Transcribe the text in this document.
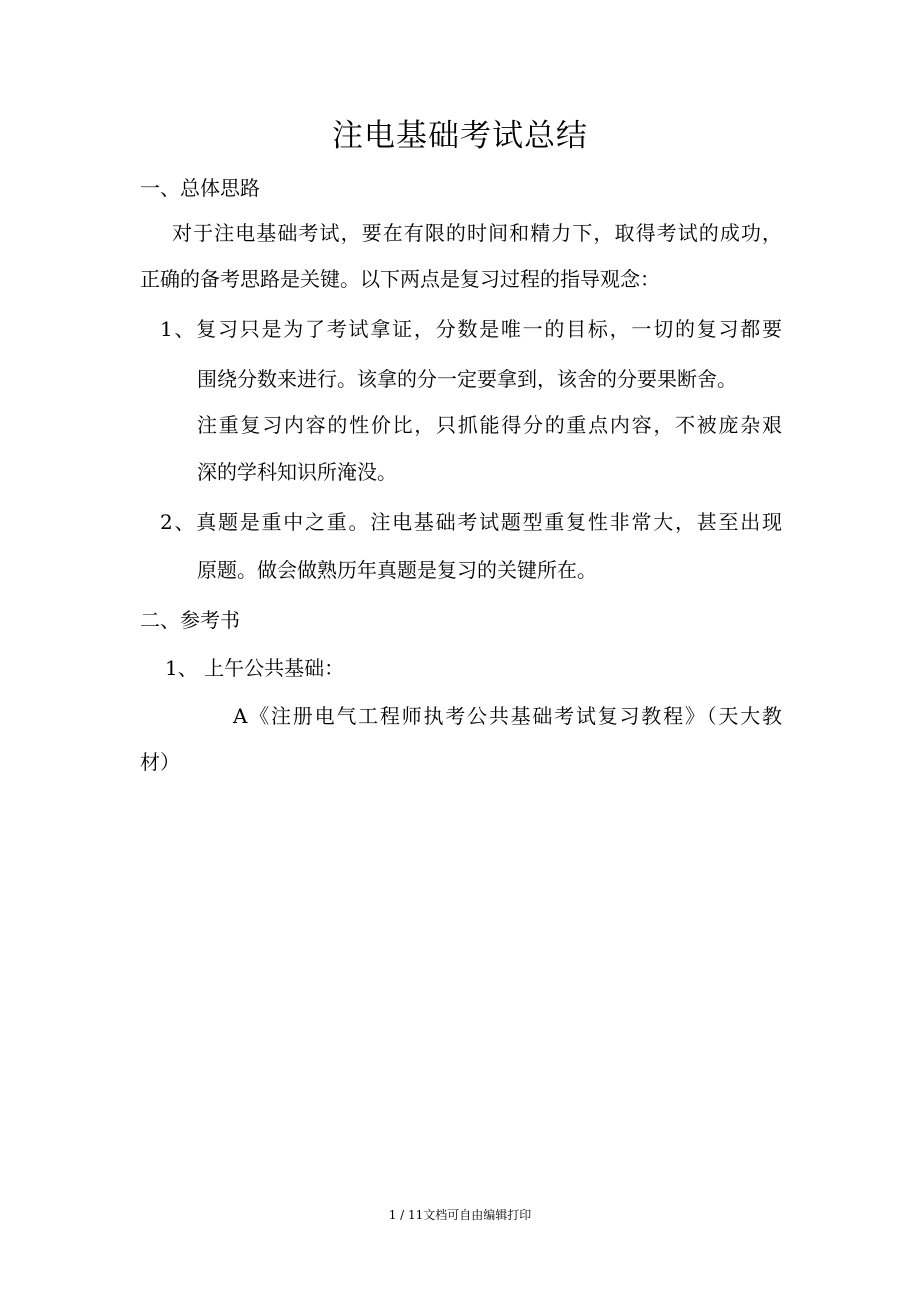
注电基础考试总结
一、总体思路
对于注电基础考试，要在有限的时间和精力下，取得考试的成功，
正确的备考思路是关键。以下两点是复习过程的指导观念：
1、复习只是为了考试拿证，分数是唯一的目标，一切的复习都要
围绕分数来进行。该拿的分一定要拿到，该舍的分要果断舍。
注重复习内容的性价比，只抓能得分的重点内容，不被庞杂艰
深的学科知识所淹没。
2、真题是重中之重。注电基础考试题型重复性非常大，甚至出现
原题。做会做熟历年真题是复习的关键所在。
二、参考书
1、 上午公共基础：
A《注册电气工程师执考公共基础考试复习教程》（天大教
材）
1 / 11文档可自由编辑打印
